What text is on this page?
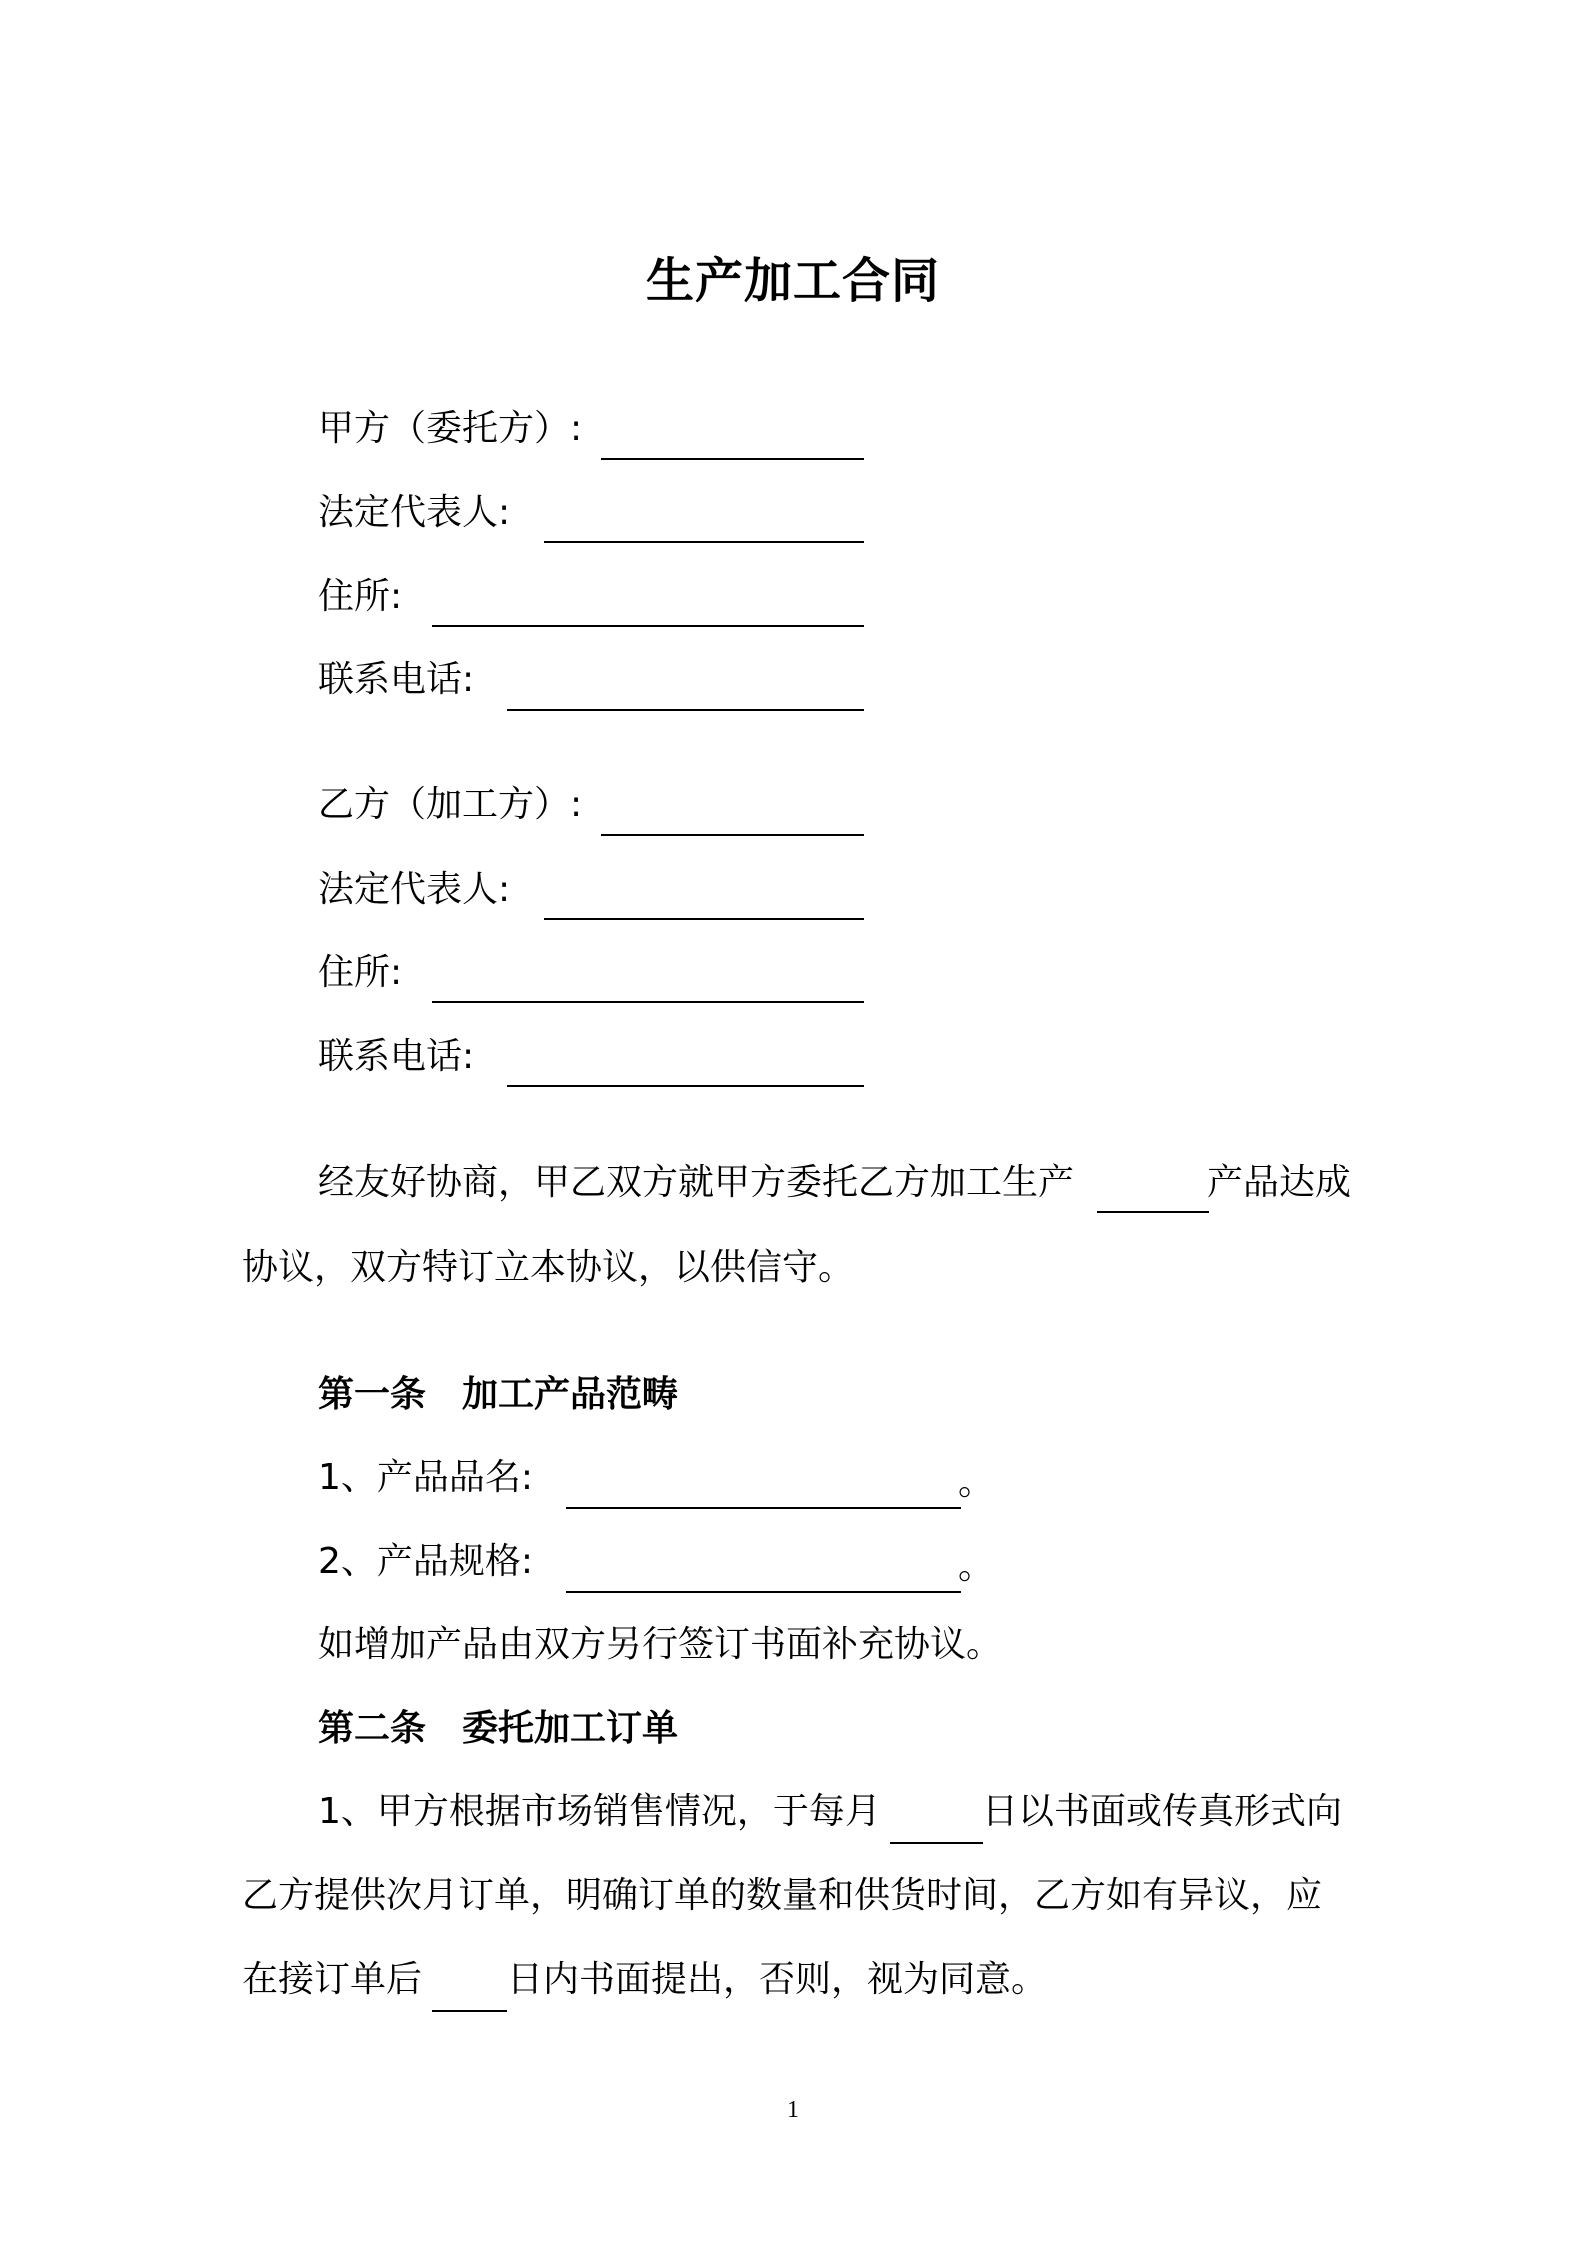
生产加工合同
甲方（委托方）:
法定代表人:
住所:
联系电话:
乙方（加工方）:
法定代表人:
住所:
联系电话:
经友好协商，甲乙双方就甲方委托乙方加工生产	产品达成
协议，双方特订立本协议，以供信守。
第一条　加工产品范畴
1、产品品名:	。
2、产品规格:	。
如增加产品由双方另行签订书面补充协议。
第二条　委托加工订单
1、甲方根据市场销售情况，于每月	日以书面或传真形式向
乙方提供次月订单，明确订单的数量和供货时间，乙方如有异议，应
在接订单后 日内书面提出，否则，视为同意。
1
